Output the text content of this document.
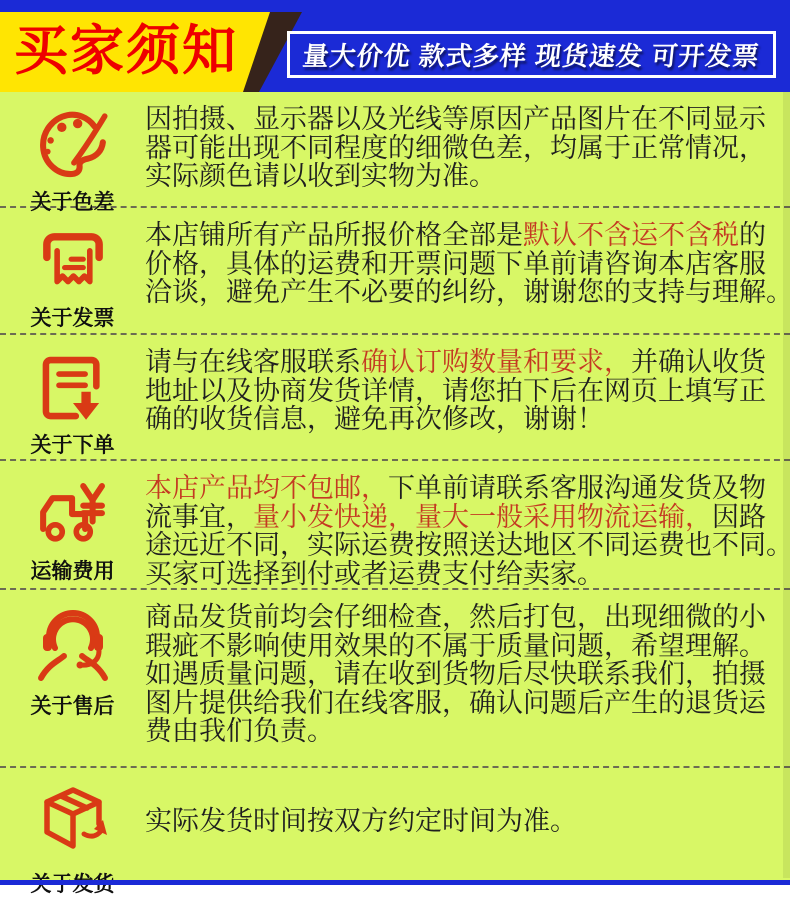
买家须知 量大价优 款式多样 现货速发 可开发票
关于色差
因拍摄、显示器以及光线等原因产品图片在不同显示
器可能出现不同程度的细微色差，均属于正常情况，
实际颜色请以收到实物为准。
关于发票
本店铺所有产品所报价格全部是默认不含运不含税的
价格，具体的运费和开票问题下单前请咨询本店客服
洽谈，避免产生不必要的纠纷，谢谢您的支持与理解。
关于下单
请与在线客服联系确认订购数量和要求，并确认收货
地址以及协商发货详情，请您拍下后在网页上填写正
确的收货信息，避免再次修改，谢谢！
运输费用
本店产品均不包邮，下单前请联系客服沟通发货及物
流事宜，量小发快递，量大一般采用物流运输，因路
途远近不同，实际运费按照送达地区不同运费也不同。
买家可选择到付或者运费支付给卖家。
关于售后
商品发货前均会仔细检查，然后打包，出现细微的小
瑕疵不影响使用效果的不属于质量问题，希望理解。
如遇质量问题，请在收到货物后尽快联系我们，拍摄
图片提供给我们在线客服，确认问题后产生的退货运
费由我们负责。
实际发货时间按双方约定时间为准。
